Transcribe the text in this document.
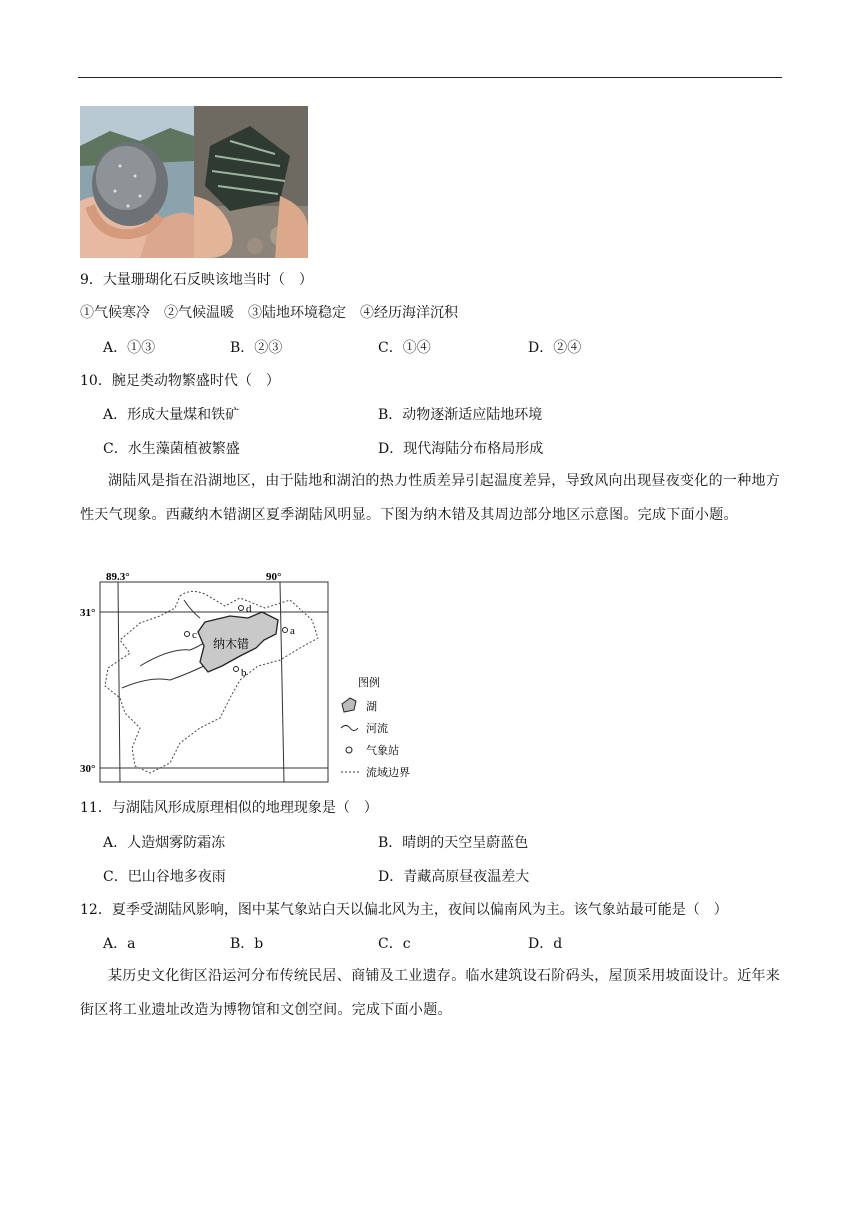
9．大量珊瑚化石反映该地当时（　）
①气候寒冷　②气候温暖　③陆地环境稳定　④经历海洋沉积
A．①③	B．②③	C．①④	D．②④
10．腕足类动物繁盛时代（　）
A．形成大量煤和铁矿	B．动物逐渐适应陆地环境
C．水生藻菌植被繁盛	D．现代海陆分布格局形成
湖陆风是指在沿湖地区，由于陆地和湖泊的热力性质差异引起温度差异，导致风向出现昼夜变化的一种地方性天气现象。西藏纳木错湖区夏季湖陆风明显。下图为纳木错及其周边部分地区示意图。完成下面小题。
89.3°	90°
31°
30°
纳木错
d
c	a
b
图例
湖
河流
气象站
流域边界
11．与湖陆风形成原理相似的地理现象是（　）
A．人造烟雾防霜冻	B．晴朗的天空呈蔚蓝色
C．巴山谷地多夜雨	D．青藏高原昼夜温差大
12．夏季受湖陆风影响，图中某气象站白天以偏北风为主，夜间以偏南风为主。该气象站最可能是（　）
A．a	B．b	C．c	D．d
某历史文化街区沿运河分布传统民居、商铺及工业遗存。临水建筑设石阶码头，屋顶采用坡面设计。近年来街区将工业遗址改造为博物馆和文创空间。完成下面小题。
